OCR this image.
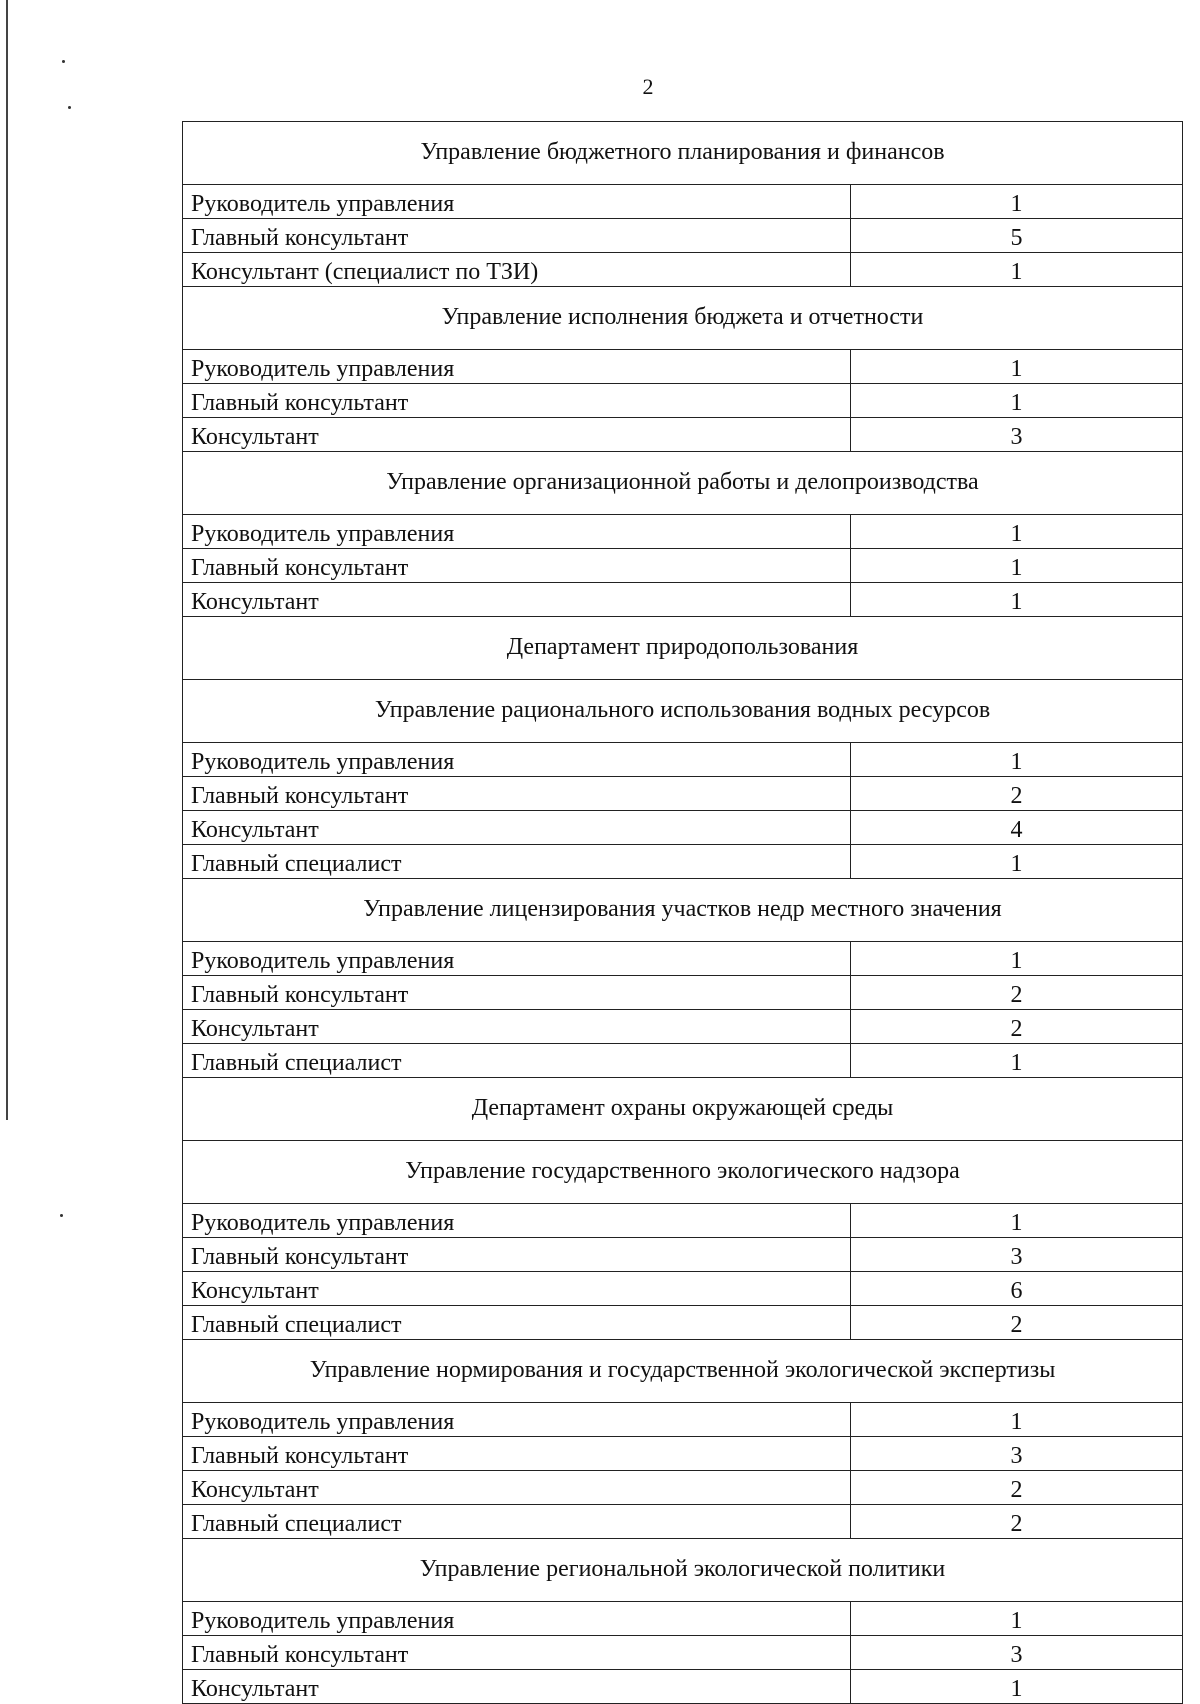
2
Управление бюджетного планирования и финансов	
Руководитель управления	1
Главный консультант	5
Консультант (специалист по ТЗИ)	1
Управление исполнения бюджета и отчетности	
Руководитель управления	1
Главный консультант	1
Консультант	3
Управление организационной работы и делопроизводства	
Руководитель управления	1
Главный консультант	1
Консультант	1
Департамент природопользования	
Управление рационального использования водных ресурсов	
Руководитель управления	1
Главный консультант	2
Консультант	4
Главный специалист	1
Управление лицензирования участков недр местного значения	
Руководитель управления	1
Главный консультант	2
Консультант	2
Главный специалист	1
Департамент охраны окружающей среды	
Управление государственного экологического надзора	
Руководитель управления	1
Главный консультант	3
Консультант	6
Главный специалист	2
Управление нормирования и государственной экологической экспертизы	
Руководитель управления	1
Главный консультант	3
Консультант	2
Главный специалист	2
Управление региональной экологической политики	
Руководитель управления	1
Главный консультант	3
Консультант	1
